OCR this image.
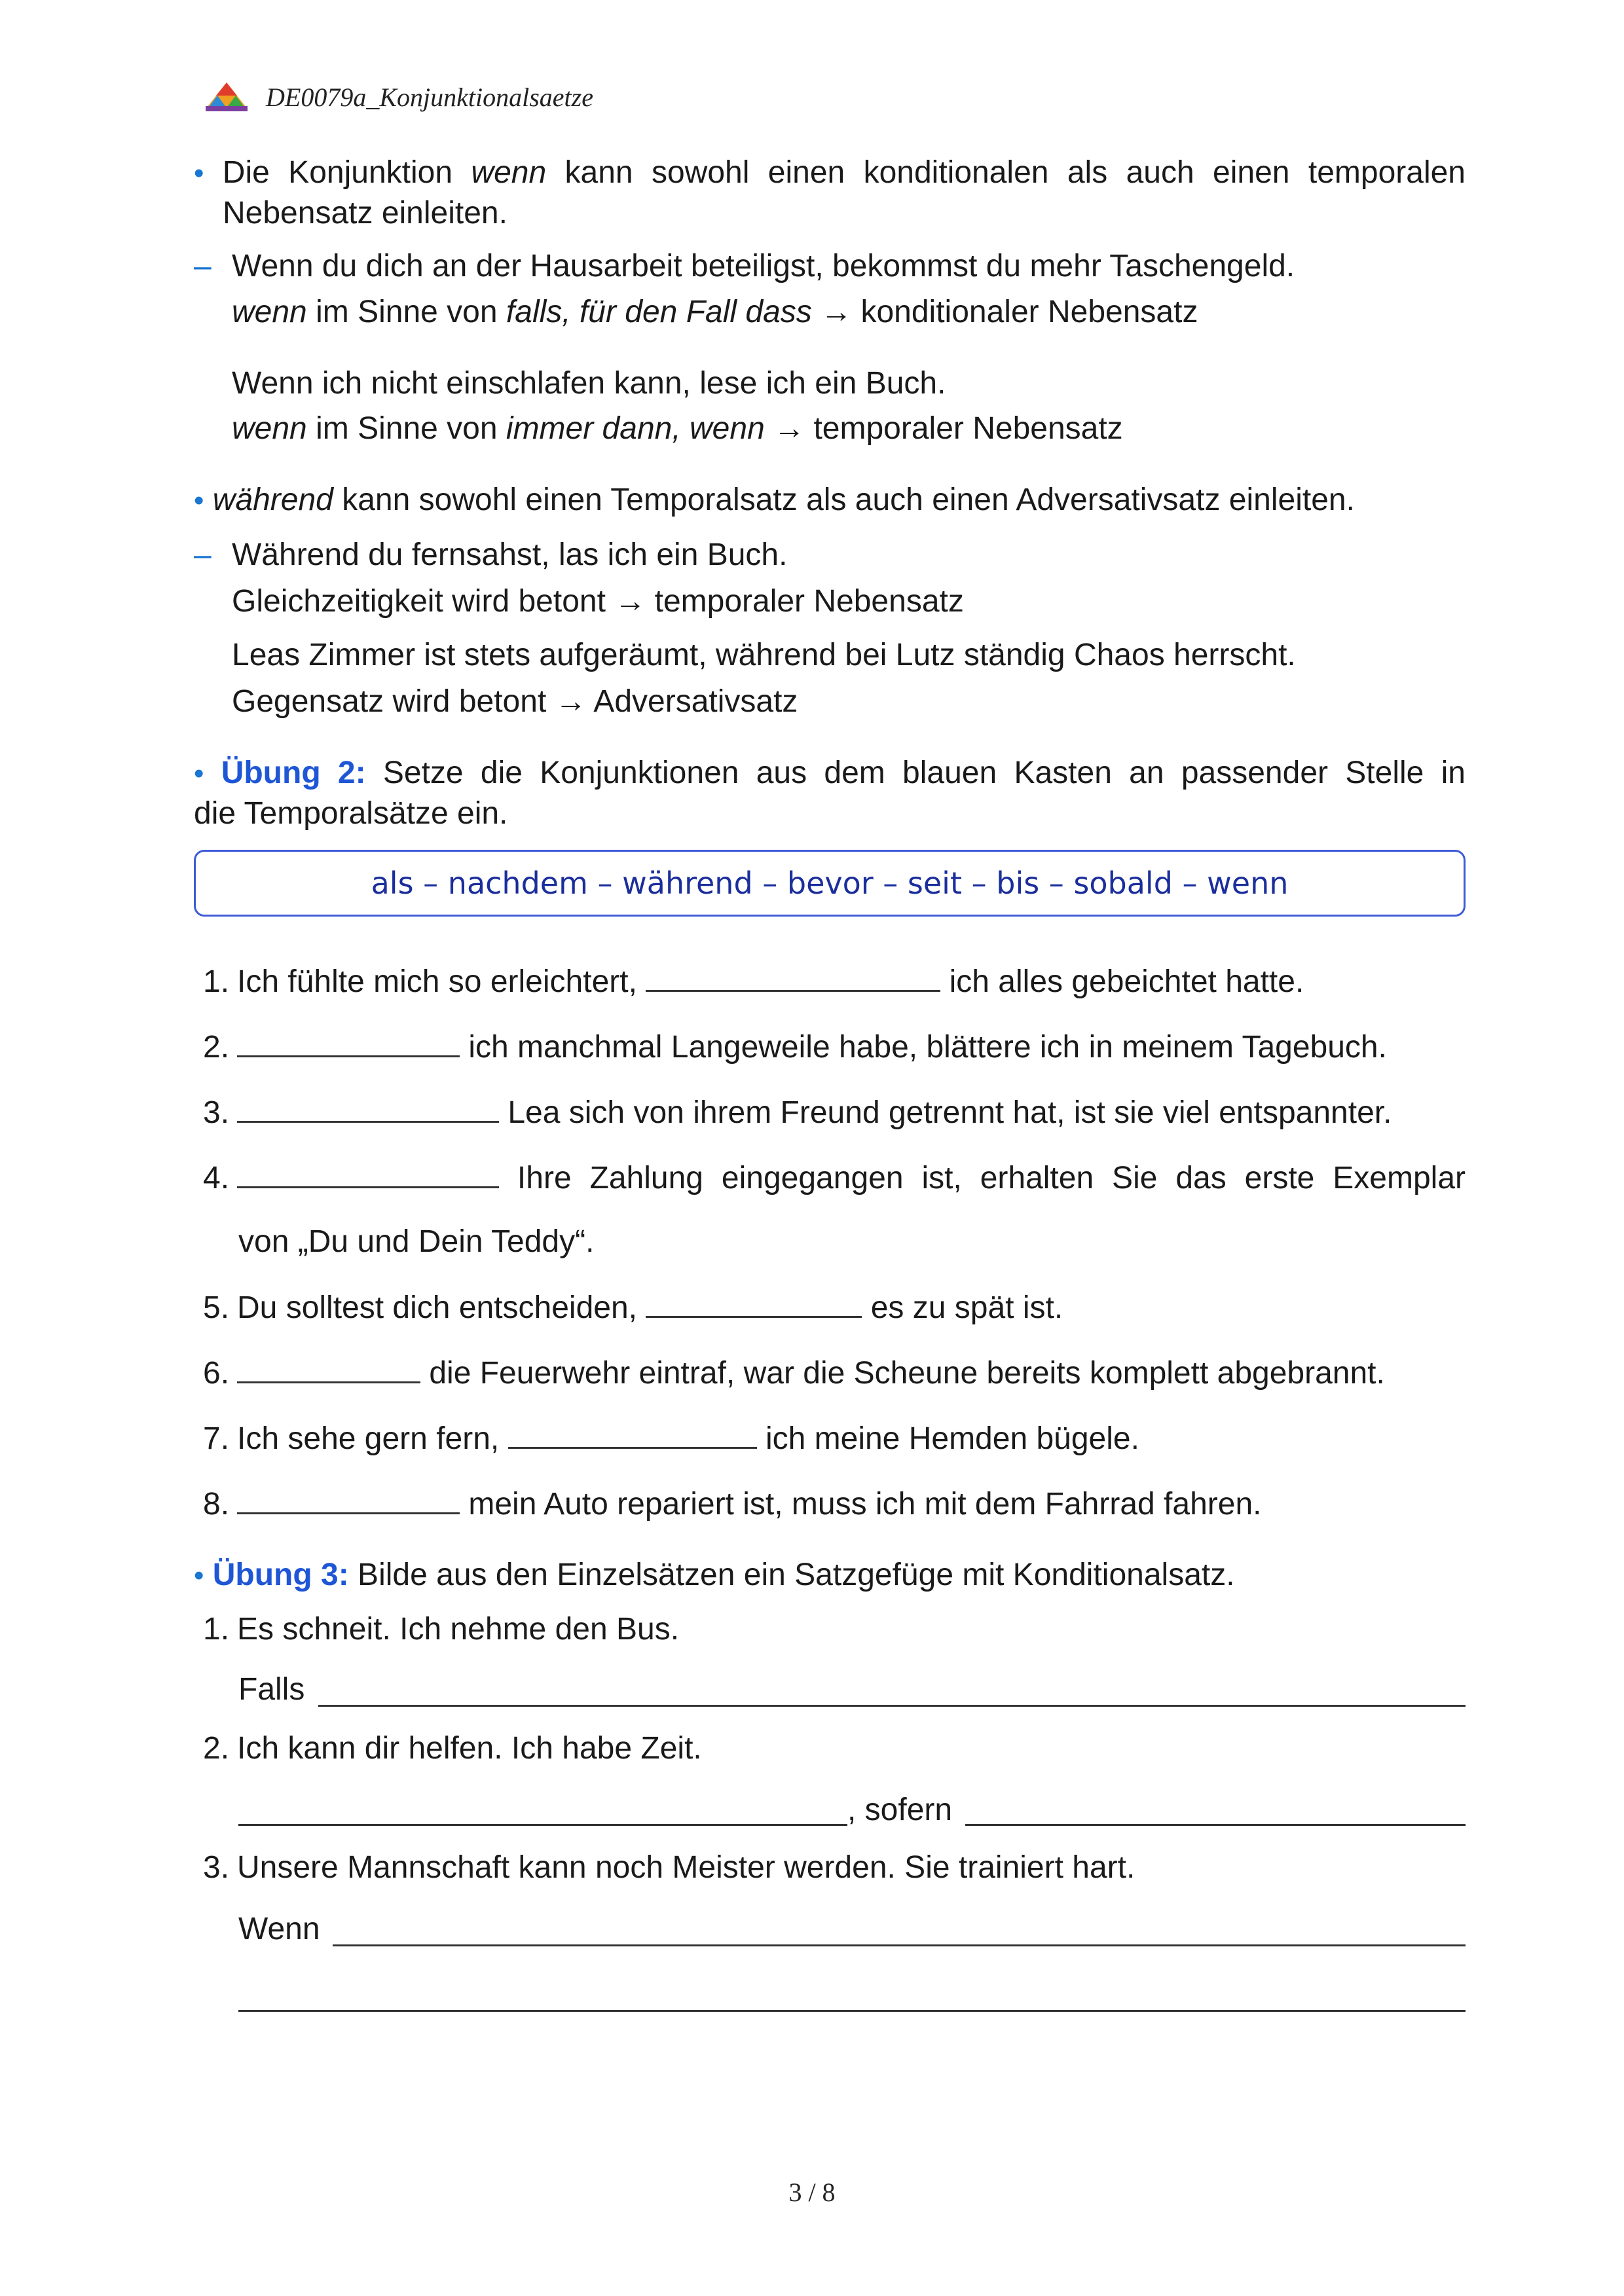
DE0079a_Konjunktionalsaetze
• Die Konjunktion wenn kann sowohl einen konditionalen als auch einen temporalen
Nebensatz einleiten.
– Wenn du dich an der Hausarbeit beteiligst, bekommst du mehr Taschengeld.
wenn im Sinne von falls, für den Fall dass → konditionaler Nebensatz
Wenn ich nicht einschlafen kann, lese ich ein Buch.
wenn im Sinne von immer dann, wenn → temporaler Nebensatz
• während kann sowohl einen Temporalsatz als auch einen Adversativsatz einleiten.
– Während du fernsahst, las ich ein Buch.
Gleichzeitigkeit wird betont → temporaler Nebensatz
Leas Zimmer ist stets aufgeräumt, während bei Lutz ständig Chaos herrscht.
Gegensatz wird betont → Adversativsatz
• Übung 2: Setze die Konjunktionen aus dem blauen Kasten an passender Stelle in
die Temporalsätze ein.
als – nachdem – während – bevor – seit – bis – sobald – wenn
1. Ich fühlte mich so erleichtert,	ich alles gebeichtet hatte.
2.	ich manchmal Langeweile habe, blättere ich in meinem Tagebuch.
3.	Lea sich von ihrem Freund getrennt hat, ist sie viel entspannter.
4.	Ihre Zahlung eingegangen ist, erhalten Sie das erste Exemplar
von „Du und Dein Teddy“.
5. Du solltest dich entscheiden,	es zu spät ist.
6.	die Feuerwehr eintraf, war die Scheune bereits komplett abgebrannt.
7. Ich sehe gern fern,	ich meine Hemden bügele.
8.	mein Auto repariert ist, muss ich mit dem Fahrrad fahren.
• Übung 3: Bilde aus den Einzelsätzen ein Satzgefüge mit Konditionalsatz.
1. Es schneit. Ich nehme den Bus.
Falls
2. Ich kann dir helfen. Ich habe Zeit.
, sofern
3. Unsere Mannschaft kann noch Meister werden. Sie trainiert hart.
Wenn
3 / 8
